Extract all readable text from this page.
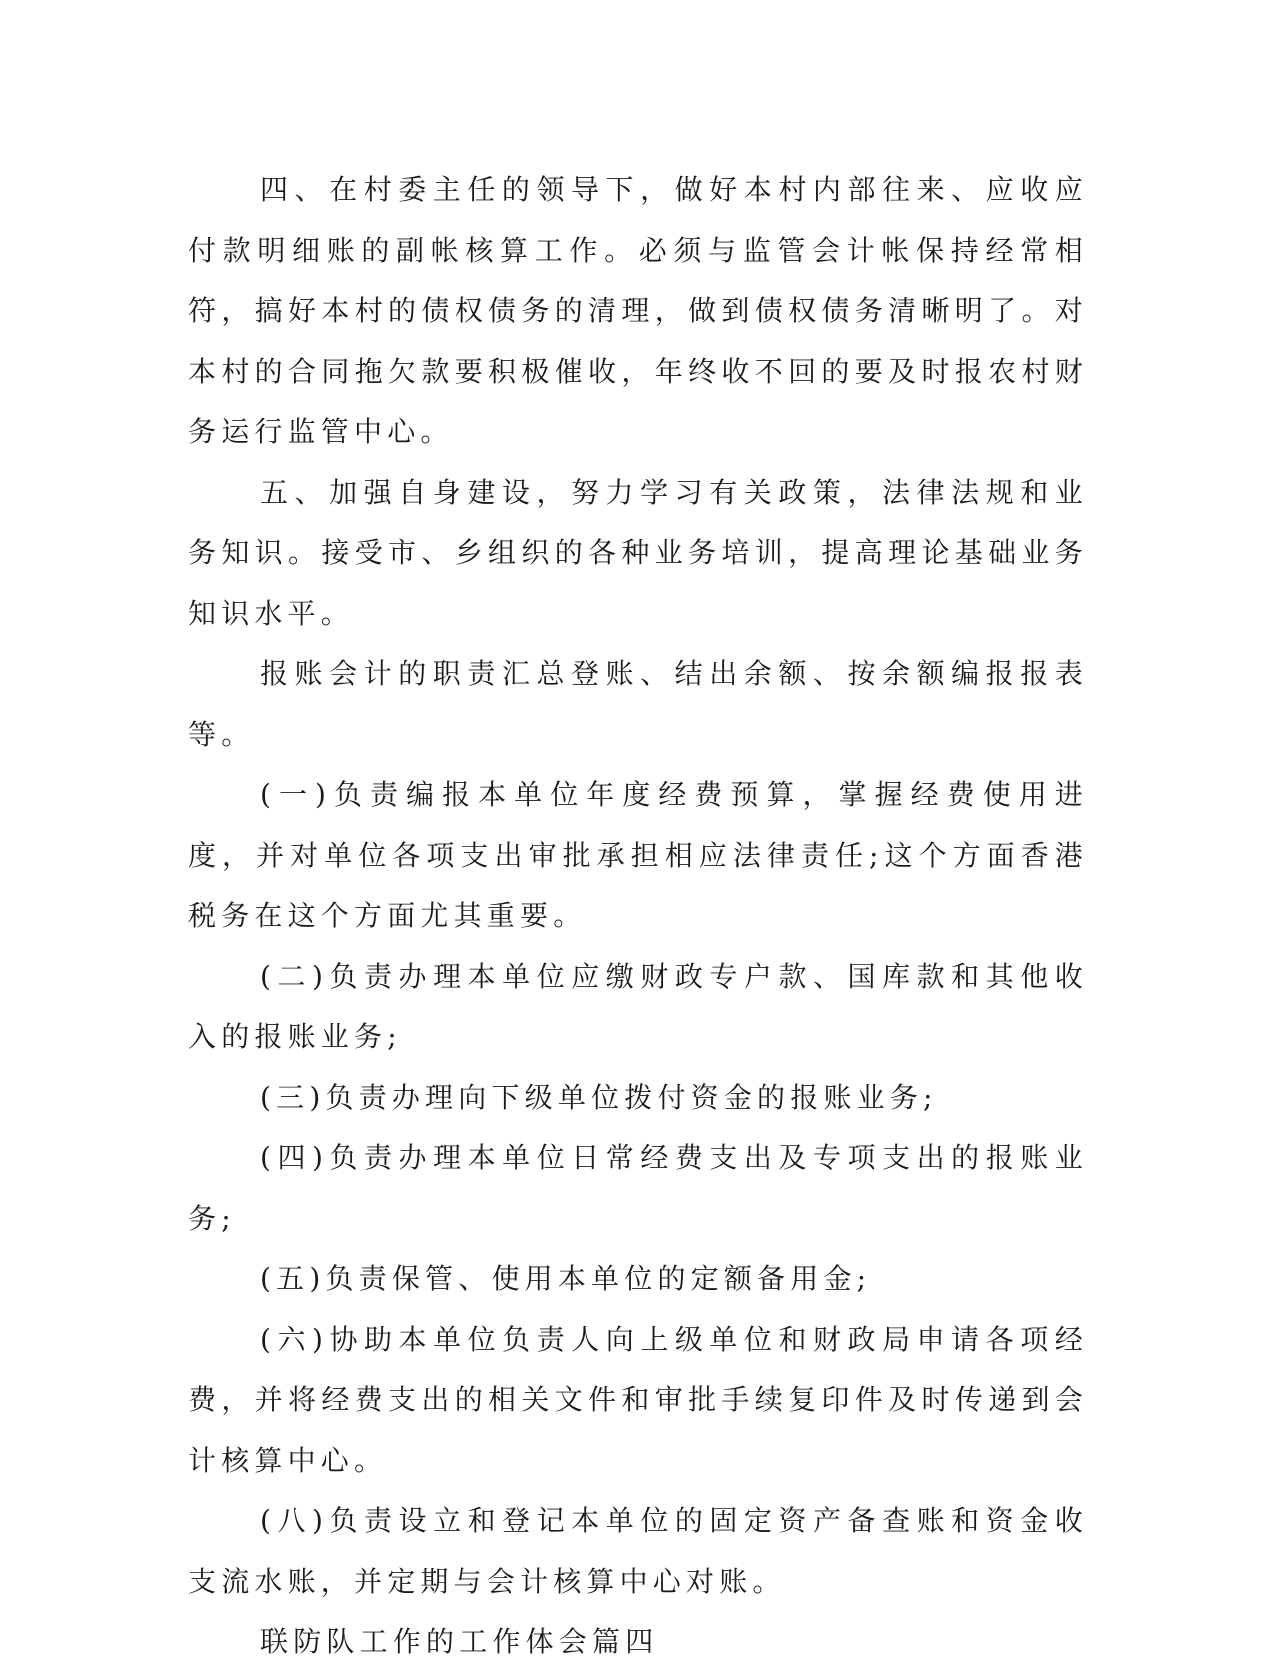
四、在村委主任的领导下，做好本村内部往来、应收应付款明细账的副帐核算工作。必须与监管会计帐保持经常相符，搞好本村的债权债务的清理，做到债权债务清晰明了。对本村的合同拖欠款要积极催收，年终收不回的要及时报农村财务运行监管中心。

五、加强自身建设，努力学习有关政策，法律法规和业务知识。接受市、乡组织的各种业务培训，提高理论基础业务知识水平。

报账会计的职责汇总登账、结出余额、按余额编报报表等。

(一)负责编报本单位年度经费预算，掌握经费使用进度，并对单位各项支出审批承担相应法律责任;这个方面香港税务在这个方面尤其重要。

(二)负责办理本单位应缴财政专户款、国库款和其他收入的报账业务;

(三)负责办理向下级单位拨付资金的报账业务;

(四)负责办理本单位日常经费支出及专项支出的报账业务;

(五)负责保管、使用本单位的定额备用金;

(六)协助本单位负责人向上级单位和财政局申请各项经费，并将经费支出的相关文件和审批手续复印件及时传递到会计核算中心。

(八)负责设立和登记本单位的固定资产备查账和资金收支流水账，并定期与会计核算中心对账。

联防队工作的工作体会篇四
